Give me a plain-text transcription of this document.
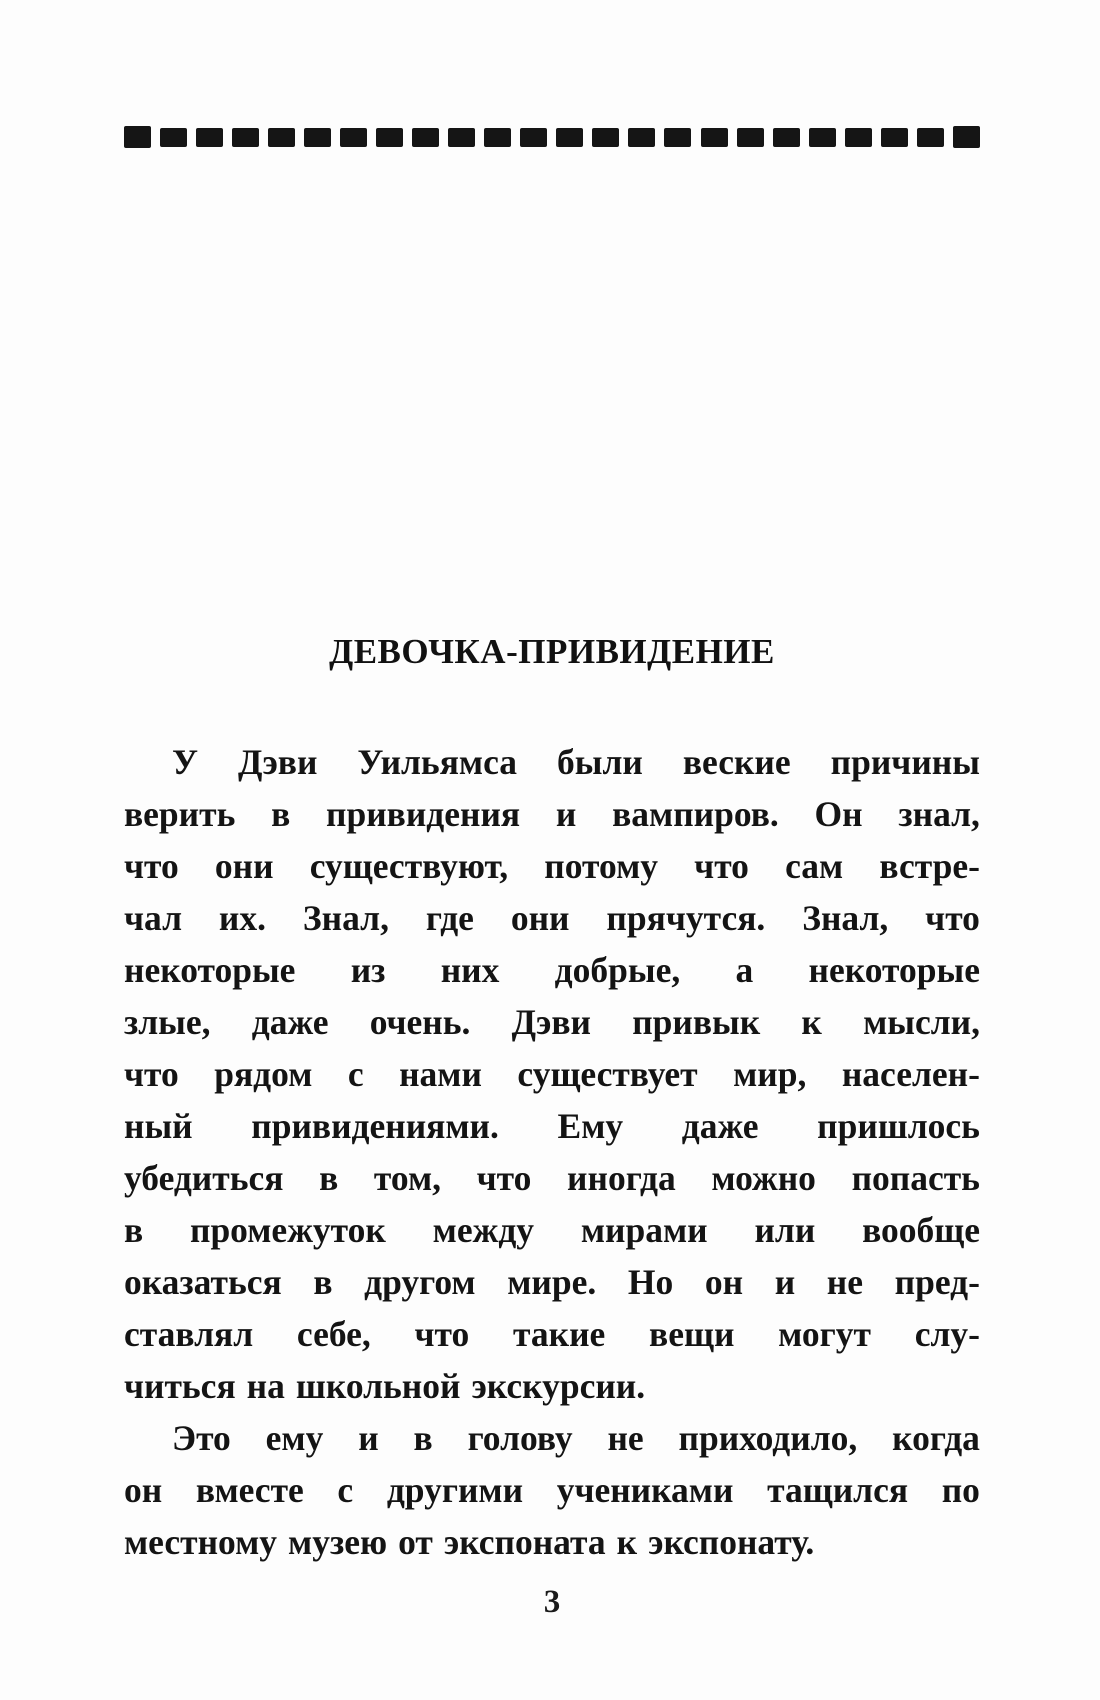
ДЕВОЧКА-ПРИВИДЕНИЕ
У Дэви Уильямса были веские причины
верить в привидения и вампиров. Он знал,
что они существуют, потому что сам встре-
чал их. Знал, где они прячутся. Знал, что
некоторые из них добрые, а некоторые
злые, даже очень. Дэви привык к мысли,
что рядом с нами существует мир, населен-
ный привидениями. Ему даже пришлось
убедиться в том, что иногда можно попасть
в промежуток между мирами или вообще
оказаться в другом мире. Но он и не пред-
ставлял себе, что такие вещи могут слу-
читься на школьной экскурсии.
Это ему и в голову не приходило, когда
он вместе с другими учениками тащился по
местному музею от экспоната к экспонату.
3
